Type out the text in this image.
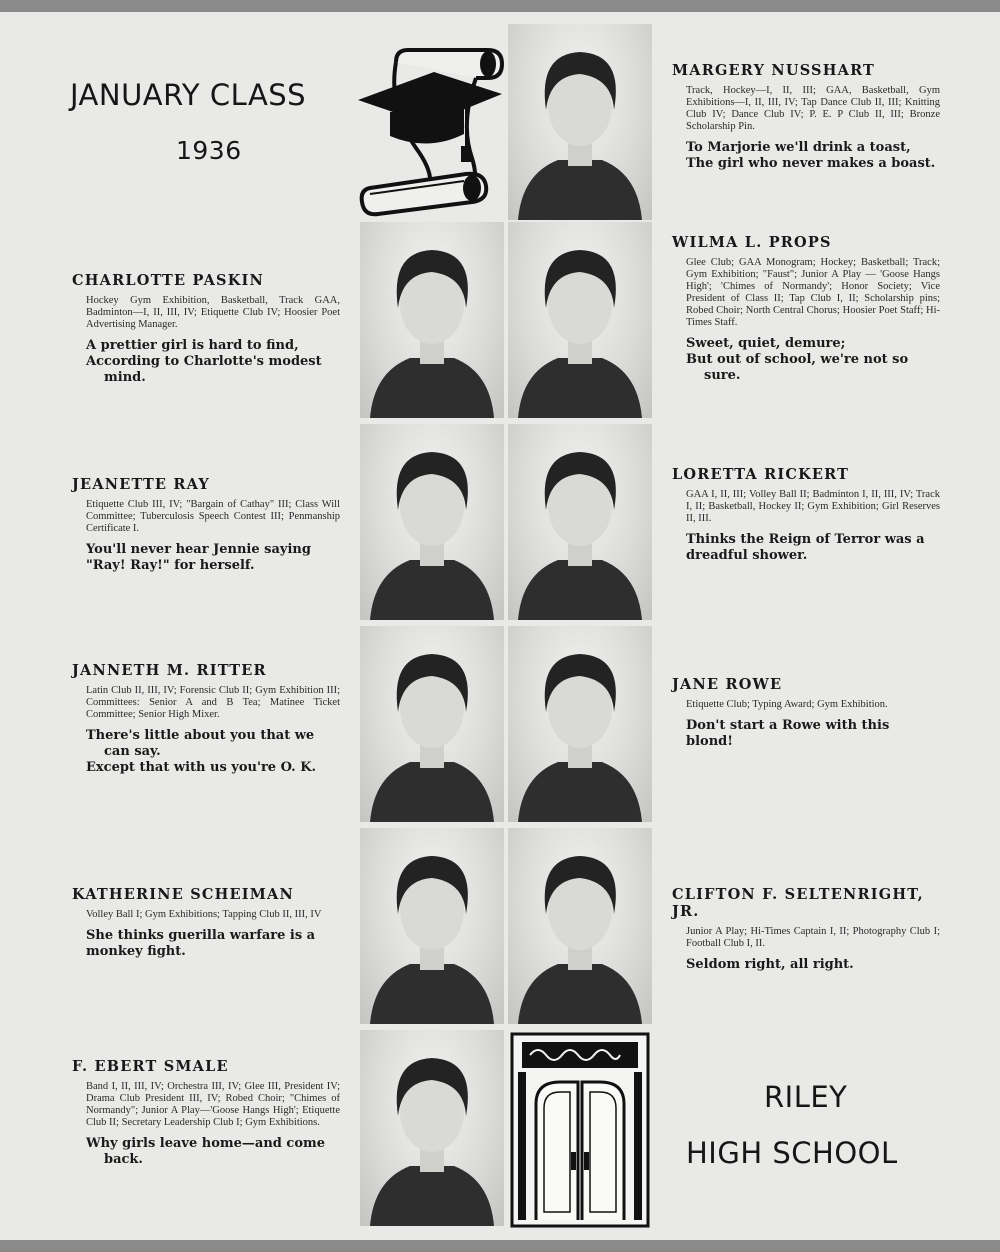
JANUARY CLASS
1936
RILEY
HIGH SCHOOL
MARGERY NUSSHART
Track, Hockey—I, II, III; GAA, Basketball, Gym Exhibitions—I, II, III, IV; Tap Dance Club II, III; Knitting Club IV; Dance Club IV; P. E. P Club II, III; Bronze Scholarship Pin.
To Marjorie we'll drink a toast,
The girl who never makes a boast.
WILMA L. PROPS
Glee Club; GAA Monogram; Hockey; Basketball; Track; Gym Exhibition; "Faust"; Junior A Play — 'Goose Hangs High'; 'Chimes of Normandy'; Honor Society; Vice President of Class II; Tap Club I, II; Scholarship pins; Robed Choir; North Central Chorus; Hoosier Poet Staff; Hi-Times Staff.
Sweet, quiet, demure;
But out of school, we're not so
sure.
LORETTA RICKERT
GAA I, II, III; Volley Ball II; Badminton I, II, III, IV; Track I, II; Basketball, Hockey II; Gym Exhibition; Girl Reserves II, III.
Thinks the Reign of Terror was a
dreadful shower.
JANE ROWE
Etiquette Club; Typing Award; Gym Exhibition.
Don't start a Rowe with this
blond!
CLIFTON F. SELTENRIGHT, JR.
Junior A Play; Hi-Times Captain I, II; Photography Club I; Football Club I, II.
Seldom right, all right.
CHARLOTTE PASKIN
Hockey Gym Exhibition, Basketball, Track GAA, Badminton—I, II, III, IV; Etiquette Club IV; Hoosier Poet Advertising Manager.
A prettier girl is hard to find,
According to Charlotte's modest
mind.
JEANETTE RAY
Etiquette Club III, IV; "Bargain of Cathay" III; Class Will Committee; Tuberculosis Speech Contest III; Penmanship Certificate I.
You'll never hear Jennie saying
"Ray! Ray!" for herself.
JANNETH M. RITTER
Latin Club II, III, IV; Forensic Club II; Gym Exhibition III; Committees: Senior A and B Tea; Matinee Ticket Committee; Senior High Mixer.
There's little about you that we
can say.
Except that with us you're O. K.
KATHERINE SCHEIMAN
Volley Ball I; Gym Exhibitions; Tapping Club II, III, IV
She thinks guerilla warfare is a
monkey fight.
F. EBERT SMALE
Band I, II, III, IV; Orchestra III, IV; Glee III, President IV; Drama Club President III, IV; Robed Choir; "Chimes of Normandy"; Junior A Play—'Goose Hangs High'; Etiquette Club II; Secretary Leadership Club I; Gym Exhibitions.
Why girls leave home—and come
back.
